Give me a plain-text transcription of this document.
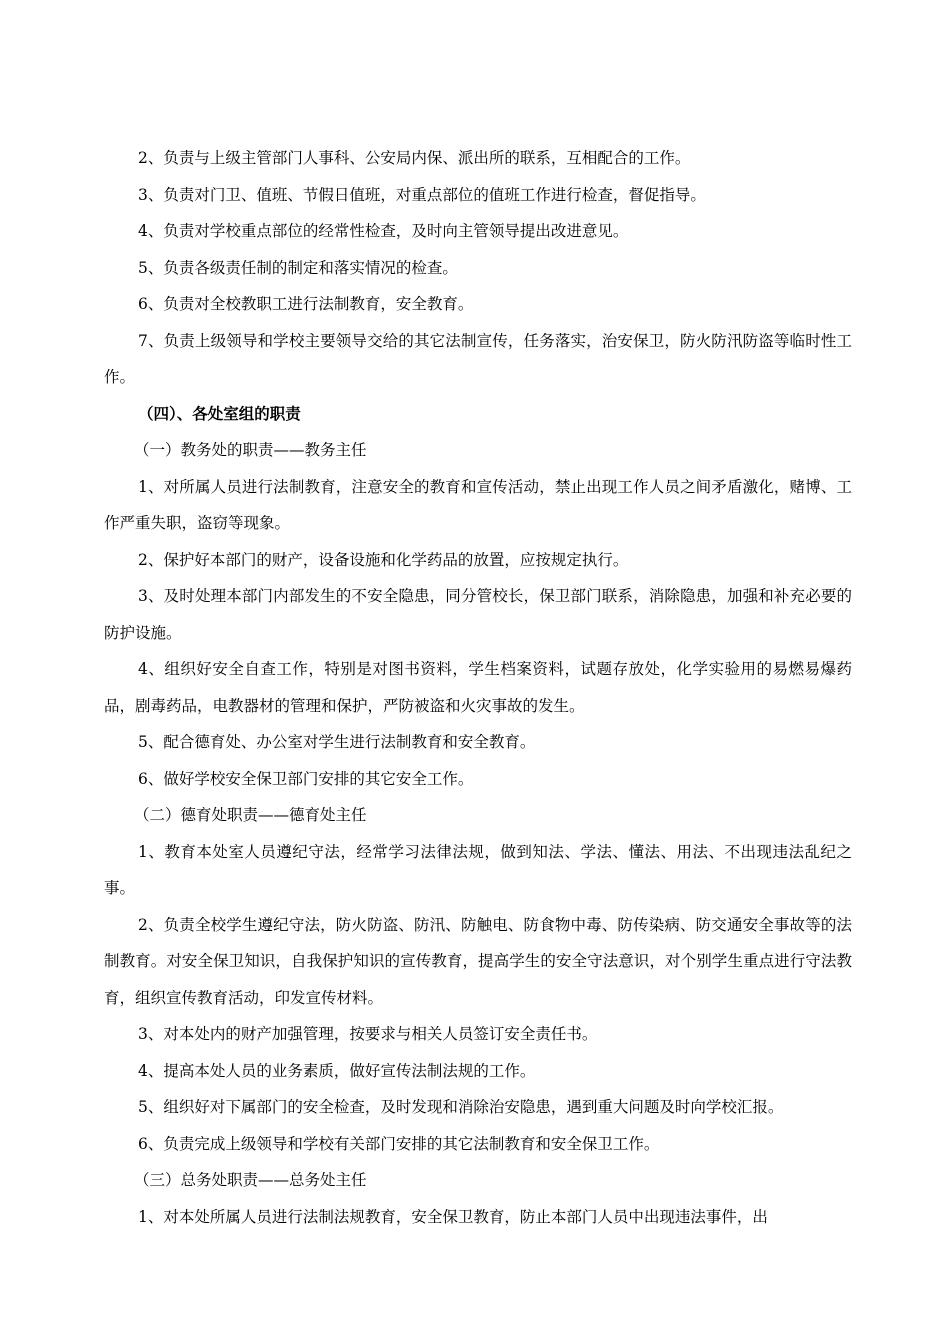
2、负责与上级主管部门人事科、公安局内保、派出所的联系，互相配合的工作。

3、负责对门卫、值班、节假日值班，对重点部位的值班工作进行检查，督促指导。

4、负责对学校重点部位的经常性检查，及时向主管领导提出改进意见。

5、负责各级责任制的制定和落实情况的检查。

6、负责对全校教职工进行法制教育，安全教育。

7、负责上级领导和学校主要领导交给的其它法制宣传，任务落实，治安保卫，防火防汛防盗等临时性工作。

（四）、各处室组的职责

（一）教务处的职责——教务主任

1、对所属人员进行法制教育，注意安全的教育和宣传活动，禁止出现工作人员之间矛盾激化，赌博、工作严重失职，盗窃等现象。

2、保护好本部门的财产，设备设施和化学药品的放置，应按规定执行。

3、及时处理本部门内部发生的不安全隐患，同分管校长，保卫部门联系，消除隐患，加强和补充必要的防护设施。

4、组织好安全自查工作，特别是对图书资料，学生档案资料，试题存放处，化学实验用的易燃易爆药品，剧毒药品，电教器材的管理和保护，严防被盗和火灾事故的发生。

5、配合德育处、办公室对学生进行法制教育和安全教育。

6、做好学校安全保卫部门安排的其它安全工作。

（二）德育处职责——德育处主任

1、教育本处室人员遵纪守法，经常学习法律法规，做到知法、学法、懂法、用法、不出现违法乱纪之事。

2、负责全校学生遵纪守法，防火防盗、防汛、防触电、防食物中毒、防传染病、防交通安全事故等的法制教育。对安全保卫知识，自我保护知识的宣传教育，提高学生的安全守法意识，对个别学生重点进行守法教育，组织宣传教育活动，印发宣传材料。

3、对本处内的财产加强管理，按要求与相关人员签订安全责任书。

4、提高本处人员的业务素质，做好宣传法制法规的工作。

5、组织好对下属部门的安全检查，及时发现和消除治安隐患，遇到重大问题及时向学校汇报。

6、负责完成上级领导和学校有关部门安排的其它法制教育和安全保卫工作。

（三）总务处职责——总务处主任

1、对本处所属人员进行法制法规教育，安全保卫教育，防止本部门人员中出现违法事件，出
